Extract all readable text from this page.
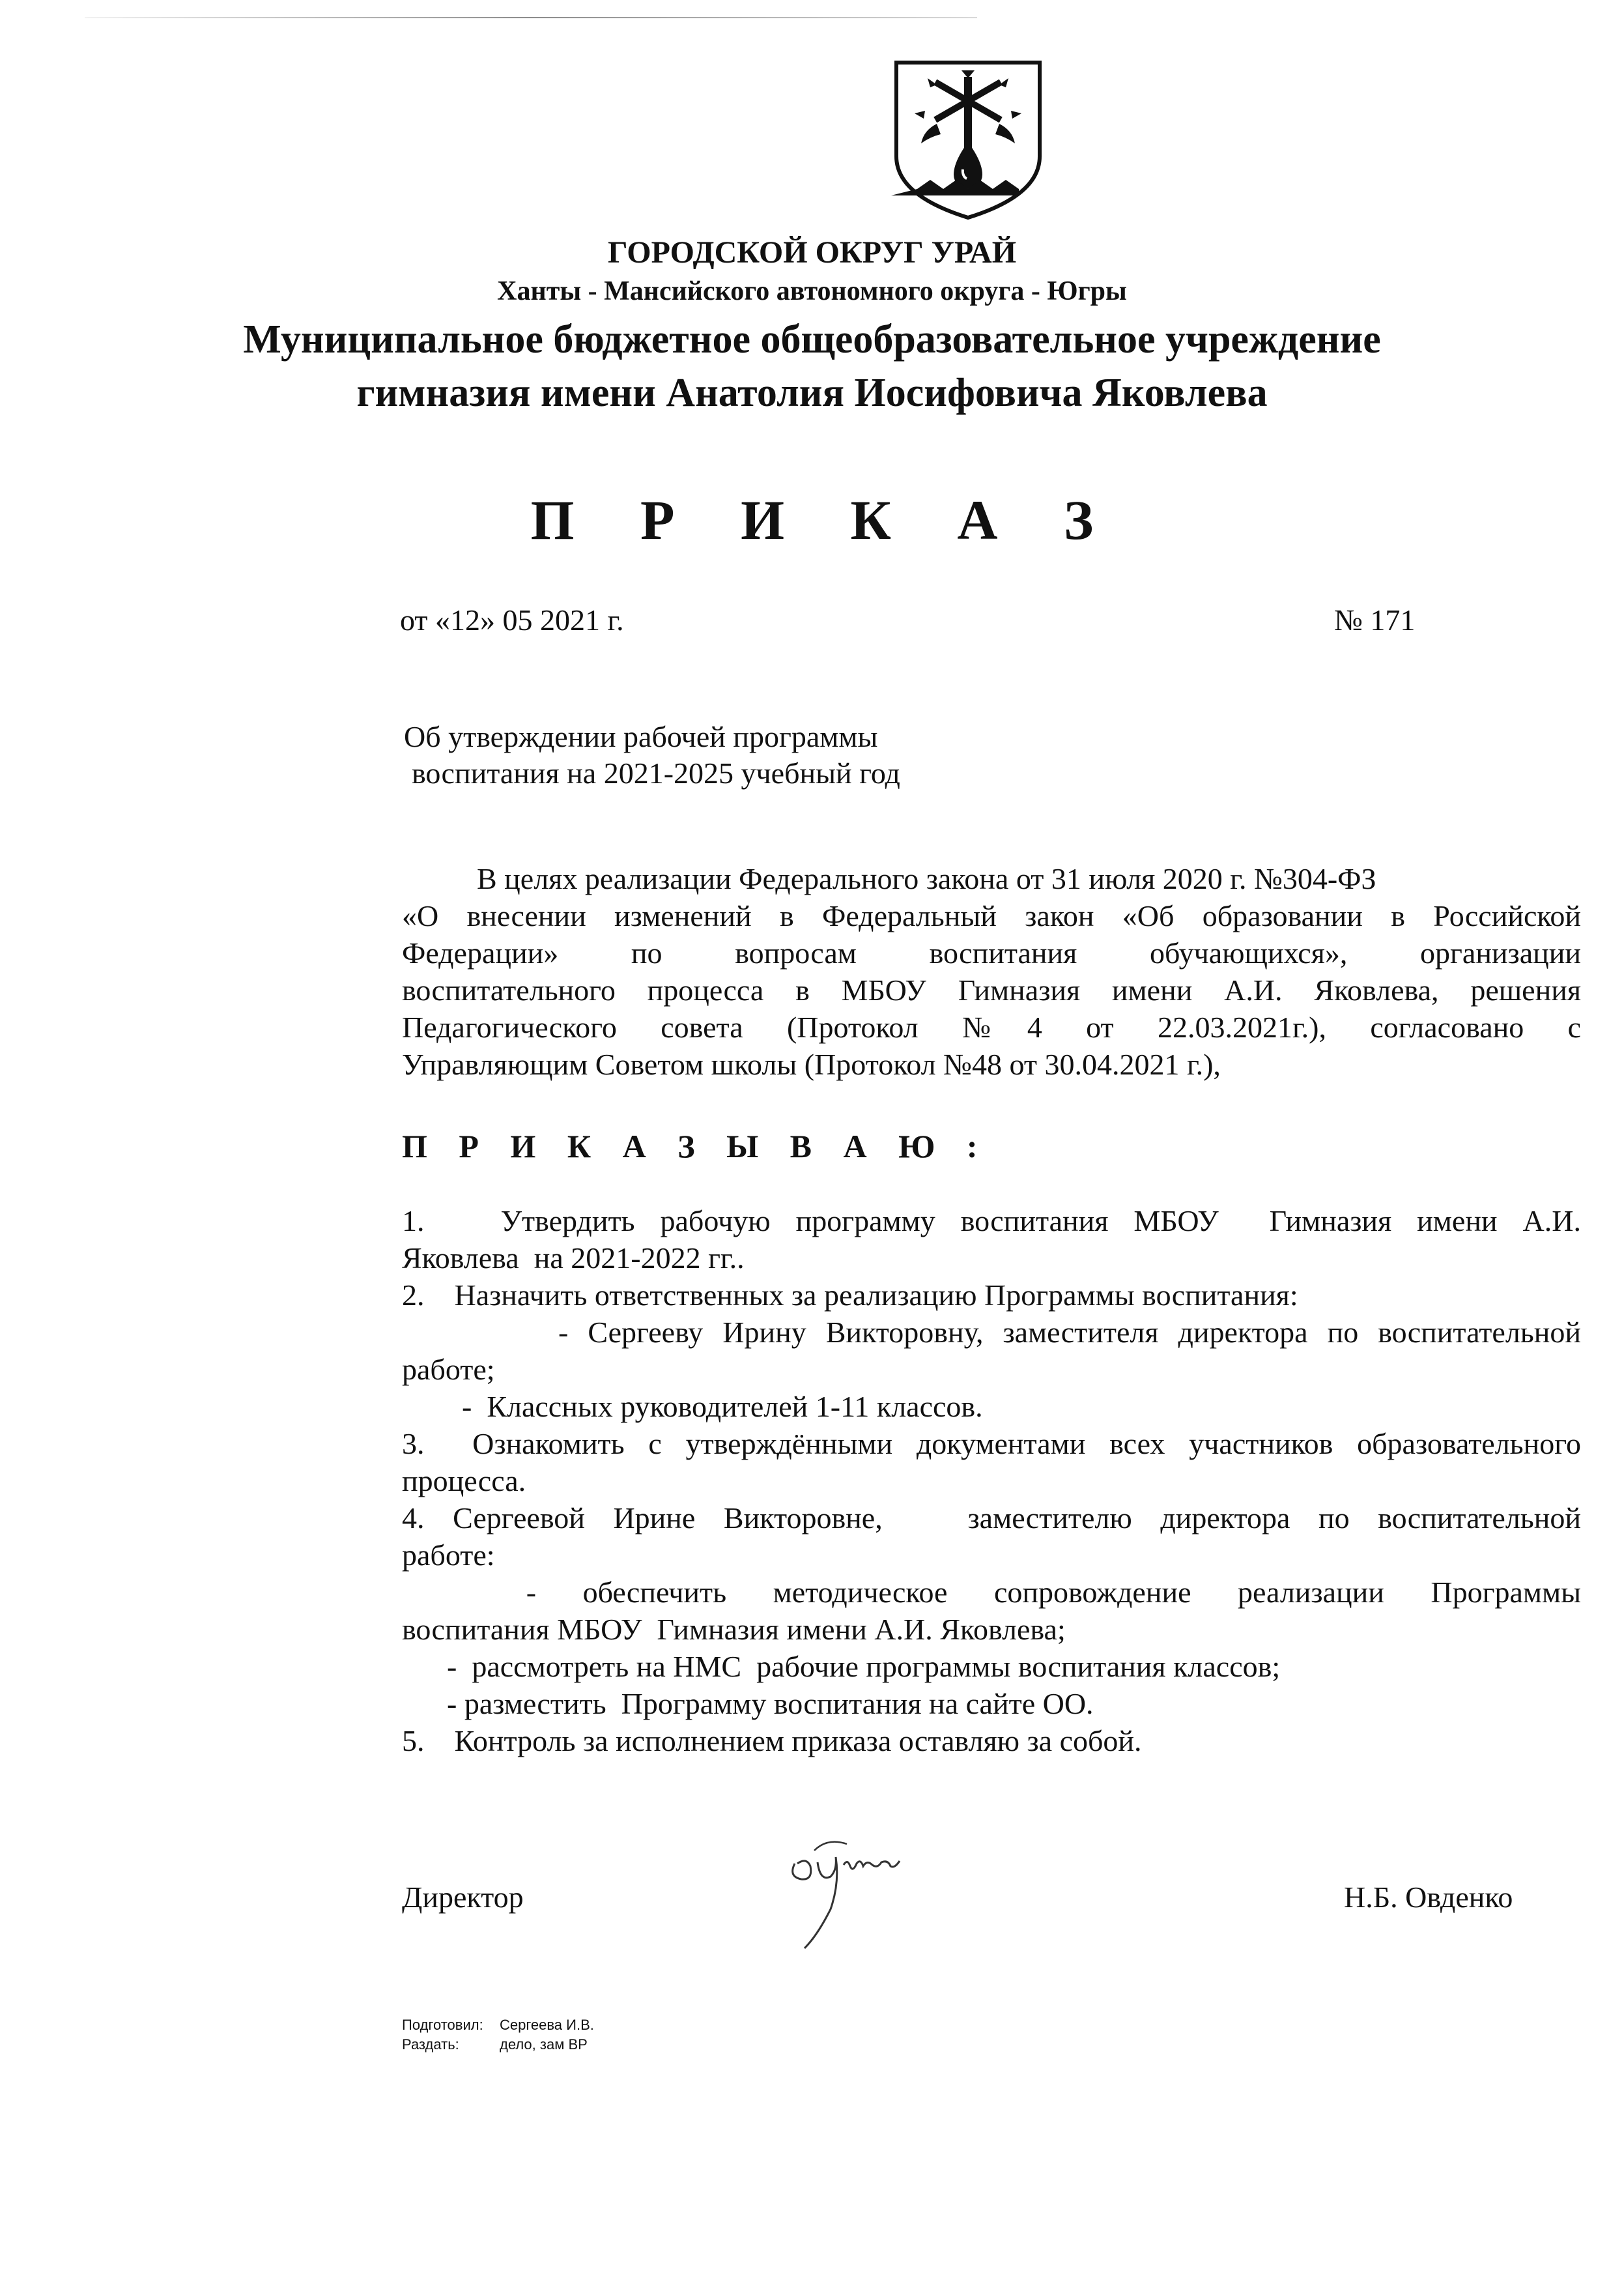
ГОРОДСКОЙ ОКРУГ УРАЙ
Ханты - Мансийского автономного округа - Югры
Муниципальное бюджетное общеобразовательное учреждение
гимназия имени Анатолия Иосифовича Яковлева
П Р И К А З
от «12» 05 2021 г.	№ 171
Об утверждении рабочей программы
воспитания на 2021-2025 учебный год
В целях реализации Федерального закона от 31 июля 2020 г. №304-ФЗ
«О внесении изменений в Федеральный закон «Об образовании в Российской
Федерации» по вопросам воспитания обучающихся», организации
воспитательного процесса в МБОУ Гимназия имени А.И. Яковлева, решения
Педагогического совета (Протокол №4 от 22.03.2021г.), согласовано с
Управляющим Советом школы (Протокол №48 от 30.04.2021 г.),
П Р И К А З Ы В А Ю :
1.   Утвердить рабочую программу воспитания МБОУ  Гимназия имени А.И.
Яковлева  на 2021-2022 гг..
2.    Назначить ответственных за реализацию Программы воспитания:
- Сергееву Ирину Викторовну, заместителя директора по воспитательной
работе;
-  Классных руководителей 1-11 классов.
3.  Ознакомить с утверждёнными документами всех участников образовательного
процесса.
4. Сергеевой Ирине Викторовне,   заместителю директора по воспитательной
работе:
-   обеспечить   методическое   сопровождение   реализации   Программы
воспитания МБОУ  Гимназия имени А.И. Яковлева;
-  рассмотреть на НМС  рабочие программы воспитания классов;
- разместить  Программу воспитания на сайте ОО.
5.    Контроль за исполнением приказа оставляю за собой.
Директор	Н.Б. Овденко
Подготовил: Сергеева И.В.
Раздать:	дело, зам ВР
